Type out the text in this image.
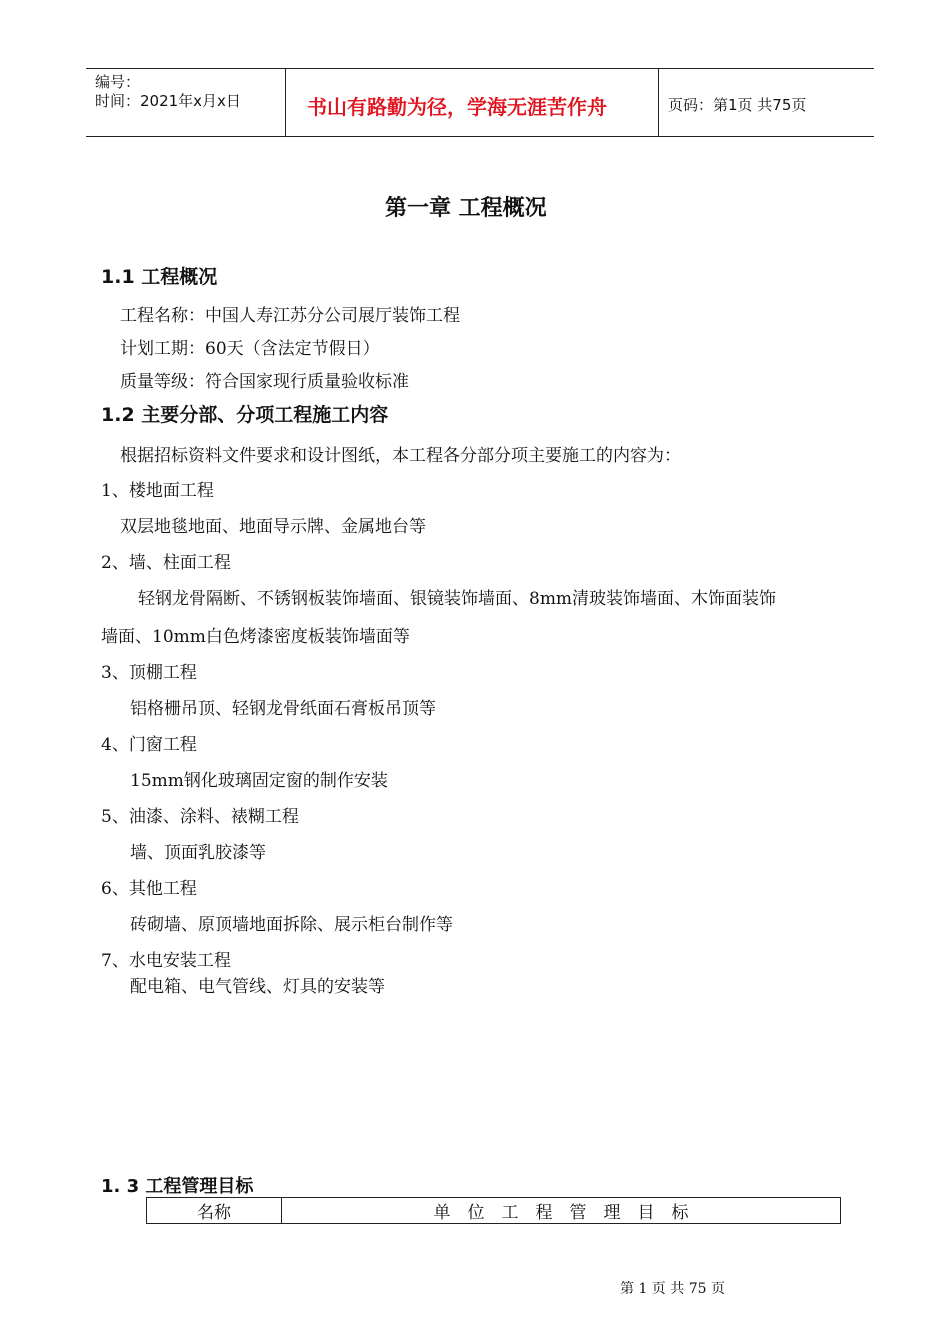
编号：
时间：2021年x月x日	书山有路勤为径，学海无涯苦作舟	页码：第1页 共75页
第一章 工程概况
1.1 工程概况
工程名称：中国人寿江苏分公司展厅装饰工程
计划工期：60天（含法定节假日）
质量等级：符合国家现行质量验收标准
1.2 主要分部、分项工程施工内容
根据招标资料文件要求和设计图纸，本工程各分部分项主要施工的内容为：
1、楼地面工程
双层地毯地面、地面导示牌、金属地台等
2、墙、柱面工程
轻钢龙骨隔断、不锈钢板装饰墙面、银镜装饰墙面、8mm清玻装饰墙面、木饰面装饰
墙面、10mm白色烤漆密度板装饰墙面等
3、顶棚工程
铝格栅吊顶、轻钢龙骨纸面石膏板吊顶等
4、门窗工程
15mm钢化玻璃固定窗的制作安装
5、油漆、涂料、裱糊工程
墙、顶面乳胶漆等
6、其他工程
砖砌墙、原顶墙地面拆除、展示柜台制作等
7、水电安装工程
配电箱、电气管线、灯具的安装等
1. 3 工程管理目标
名称	单　位　工　程　管　理　目　标
第 1 页 共 75 页
